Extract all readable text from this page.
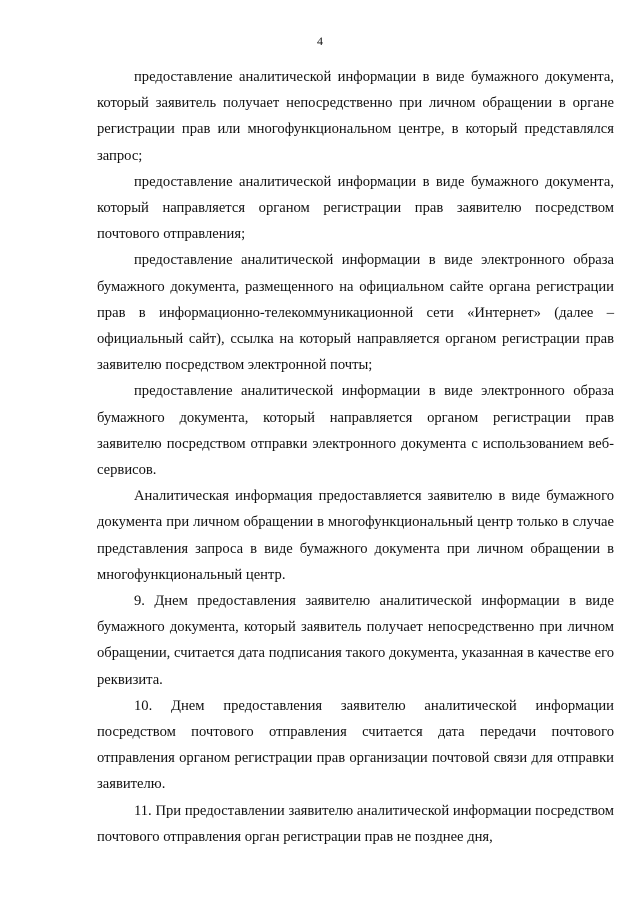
4

предоставление аналитической информации в виде бумажного документа, который заявитель получает непосредственно при личном обращении в органе регистрации прав или многофункциональном центре, в который представлялся запрос;

предоставление аналитической информации в виде бумажного документа, который направляется органом регистрации прав заявителю посредством почтового отправления;

предоставление аналитической информации в виде электронного образа бумажного документа, размещенного на официальном сайте органа регистрации прав в информационно-телекоммуникационной сети «Интернет» (далее – официальный сайт), ссылка на который направляется органом регистрации прав заявителю посредством электронной почты;

предоставление аналитической информации в виде электронного образа бумажного документа, который направляется органом регистрации прав заявителю посредством отправки электронного документа с использованием веб-сервисов.

Аналитическая информация предоставляется заявителю в виде бумажного документа при личном обращении в многофункциональный центр только в случае представления запроса в виде бумажного документа при личном обращении в многофункциональный центр.

9. Днем предоставления заявителю аналитической информации в виде бумажного документа, который заявитель получает непосредственно при личном обращении, считается дата подписания такого документа, указанная в качестве его реквизита.

10. Днем предоставления заявителю аналитической информации посредством почтового отправления считается дата передачи почтового отправления органом регистрации прав организации почтовой связи для отправки заявителю.

11. При предоставлении заявителю аналитической информации посредством почтового отправления орган регистрации прав не позднее дня,
